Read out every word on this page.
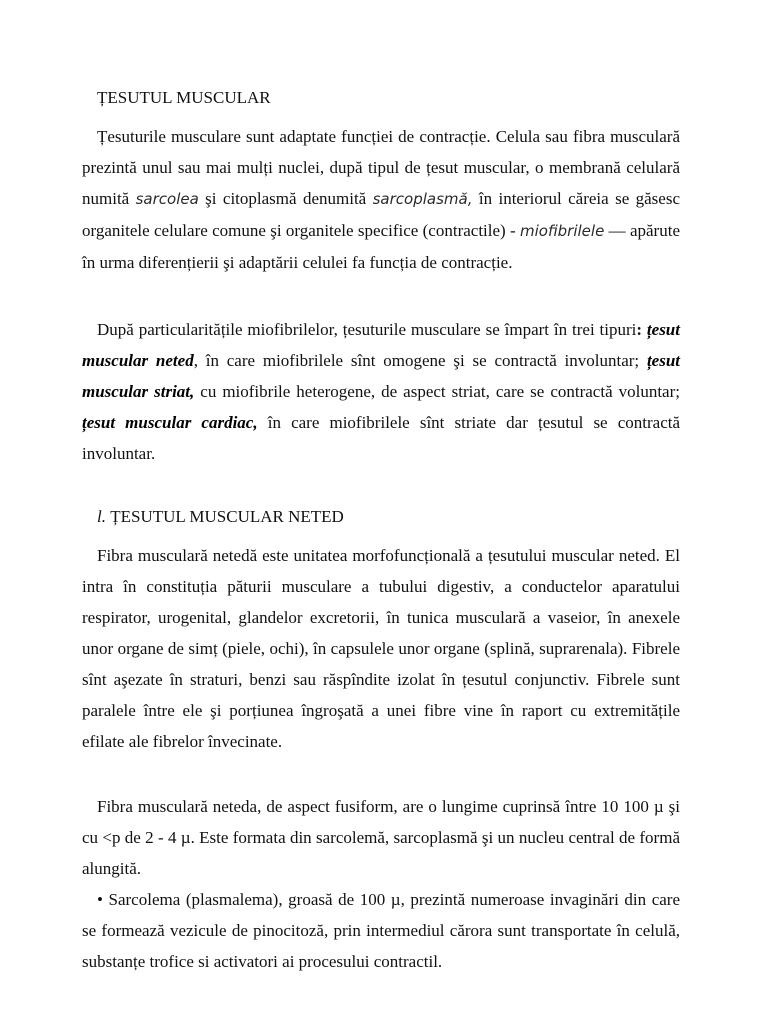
ȚESUTUL MUSCULAR

Țesuturile musculare sunt adaptate funcției de contracție. Celula sau fibra musculară prezintă unul sau mai mulți nuclei, după tipul de țesut muscular, o membrană celulară numită sarcolea şi citoplasmă denumită sarcoplasmă, în interiorul căreia se găsesc organitele celulare comune şi organitele specifice (contractile) - miofibrilele — apărute în urma diferențierii şi adaptării celulei fa funcția de contracție.

După particularitățile miofibrilelor, țesuturile musculare se împart în trei tipuri: țesut muscular neted, în care miofibrilele sînt omogene şi se contractă involuntar; țesut muscular striat, cu miofibrile heterogene, de aspect striat, care se contractă voluntar; țesut muscular cardiac, în care miofibrilele sînt striate dar țesutul se contractă involuntar.

l. ȚESUTUL MUSCULAR NETED

Fibra musculară netedă este unitatea morfofuncțională a țesutului muscular neted. El intra în constituția păturii musculare a tubului digestiv, a conductelor aparatului respirator, urogenital, glandelor excretorii, în tunica musculară a vaseior, în anexele unor organe de simț (piele, ochi), în capsulele unor organe (splină, suprarenala). Fibrele sînt aşezate în straturi, benzi sau răspîndite izolat în țesutul conjunctiv. Fibrele sunt paralele între ele şi porțiunea îngroşată a unei fibre vine în raport cu extremitățile efilate ale fibrelor învecinate.

Fibra musculară neteda, de aspect fusiform, are o lungime cuprinsă între 10 100 µ şi cu <p de 2 - 4 µ. Este formata din sarcolemă, sarcoplasmă şi un nucleu central de formă alungită.

• Sarcolema (plasmalema), groasă de 100 µ, prezintă numeroase invaginări din care se formează vezicule de pinocitoză, prin intermediul cărora sunt transportate în celulă, substanțe trofice si activatori ai procesului contractil.
